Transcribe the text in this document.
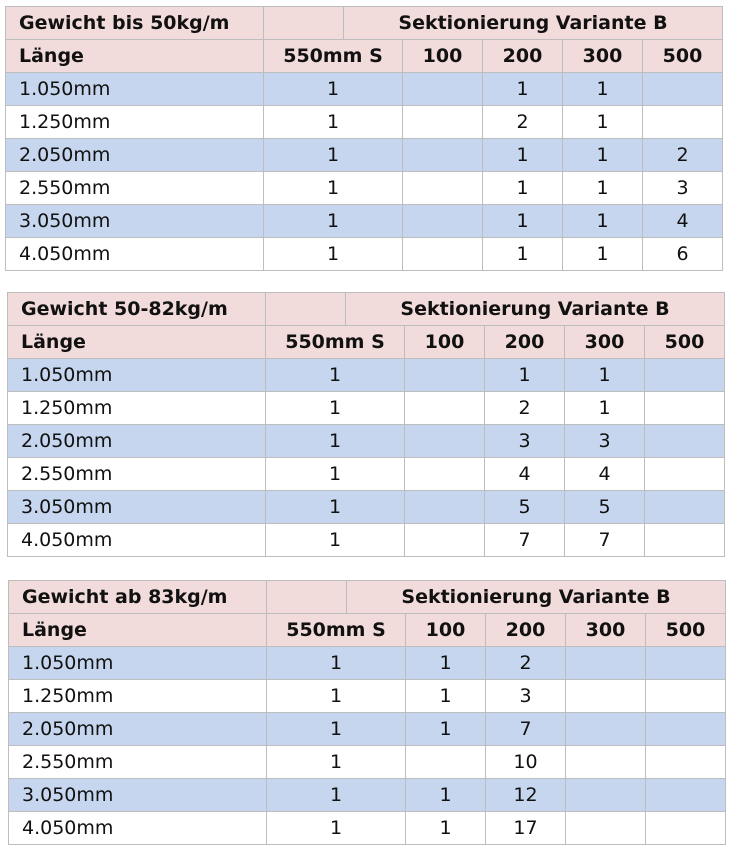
Gewicht bis 50kg/m		Sektionierung Variante B				
Länge	550mm S		100	200	300	500
1.050mm	1			1	1	
1.250mm	1			2	1	
2.050mm	1			1	1	2
2.550mm	1			1	1	3
3.050mm	1			1	1	4
4.050mm	1			1	1	6
Gewicht 50-82kg/m		Sektionierung Variante B				
Länge	550mm S		100	200	300	500
1.050mm	1			1	1	
1.250mm	1			2	1	
2.050mm	1			3	3	
2.550mm	1			4	4	
3.050mm	1			5	5	
4.050mm	1			7	7	
Gewicht ab 83kg/m		Sektionierung Variante B				
Länge	550mm S		100	200	300	500
1.050mm	1		1	2		
1.250mm	1		1	3		
2.050mm	1		1	7		
2.550mm	1			10		
3.050mm	1		1	12		
4.050mm	1		1	17		
